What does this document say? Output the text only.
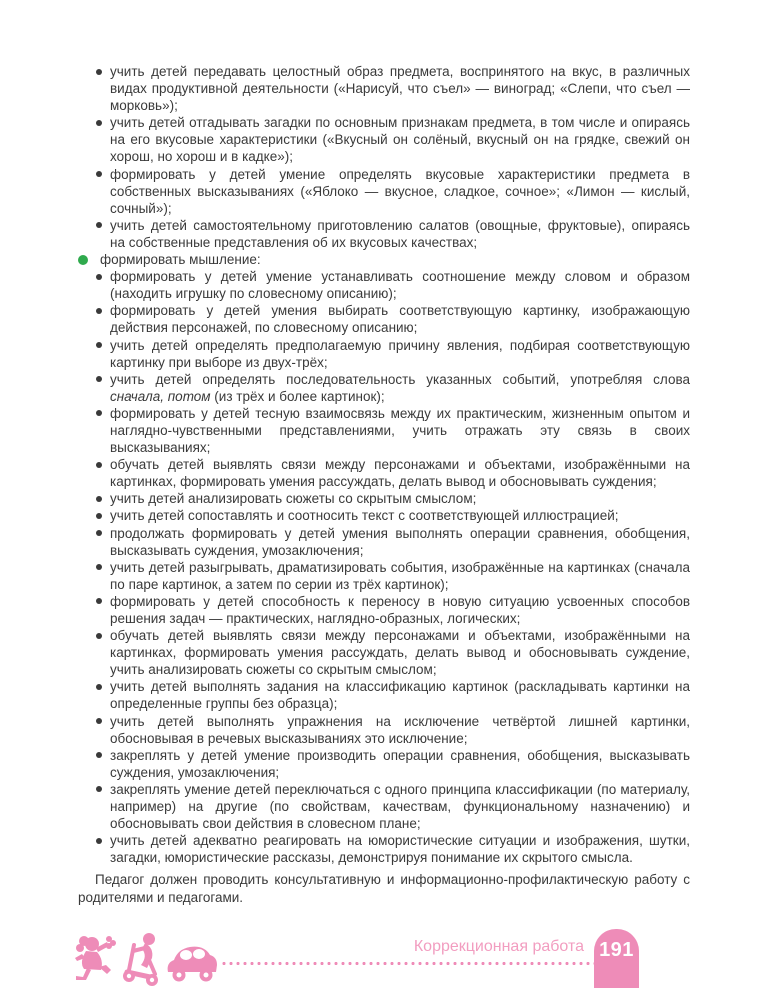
учить детей передавать целостный образ предмета, воспринятого на вкус, в различных видах продуктивной деятельности («Нарисуй, что съел» — виноград; «Слепи, что съел — морковь»);
учить детей отгадывать загадки по основным признакам предмета, в том числе и опираясь на его вкусовые характеристики («Вкусный он солёный, вкусный он на грядке, свежий он хорош, но хорош и в кадке»);
формировать у детей умение определять вкусовые характеристики предмета в собственных высказываниях («Яблоко — вкусное, сладкое, сочное»; «Лимон — кислый, сочный»);
учить детей самостоятельному приготовлению салатов (овощные, фруктовые), опираясь на собственные представления об их вкусовых качествах;
формировать мышление:
формировать у детей умение устанавливать соотношение между словом и образом (находить игрушку по словесному описанию);
формировать у детей умения выбирать соответствующую картинку, изображающую действия персонажей, по словесному описанию;
учить детей определять предполагаемую причину явления, подбирая соответствующую картинку при выборе из двух-трёх;
учить детей определять последовательность указанных событий, употребляя слова сначала, потом (из трёх и более картинок);
формировать у детей тесную взаимосвязь между их практическим, жизненным опытом и наглядно-чувственными представлениями, учить отражать эту связь в своих высказываниях;
обучать детей выявлять связи между персонажами и объектами, изображёнными на картинках, формировать умения рассуждать, делать вывод и обосновывать суждения;
учить детей анализировать сюжеты со скрытым смыслом;
учить детей сопоставлять и соотносить текст с соответствующей иллюстрацией;
продолжать формировать у детей умения выполнять операции сравнения, обобщения, высказывать суждения, умозаключения;
учить детей разыгрывать, драматизировать события, изображённые на картинках (сначала по паре картинок, а затем по серии из трёх картинок);
формировать у детей способность к переносу в новую ситуацию усвоенных способов решения задач — практических, наглядно-образных, логических;
обучать детей выявлять связи между персонажами и объектами, изображёнными на картинках, формировать умения рассуждать, делать вывод и обосновывать суждение, учить анализировать сюжеты со скрытым смыслом;
учить детей выполнять задания на классификацию картинок (раскладывать картинки на определенные группы без образца);
учить детей выполнять упражнения на исключение четвёртой лишней картинки, обосновывая в речевых высказываниях это исключение;
закреплять у детей умение производить операции сравнения, обобщения, высказывать суждения, умозаключения;
закреплять умение детей переключаться с одного принципа классификации (по материалу, например) на другие (по свойствам, качествам, функциональному назначению) и обосновывать свои действия в словесном плане;
учить детей адекватно реагировать на юмористические ситуации и изображения, шутки, загадки, юмористические рассказы, демонстрируя понимание их скрытого смысла.

Педагог должен проводить консультативную и информационно-профилактическую работу с родителями и педагогами.

Коррекционная работа 191
